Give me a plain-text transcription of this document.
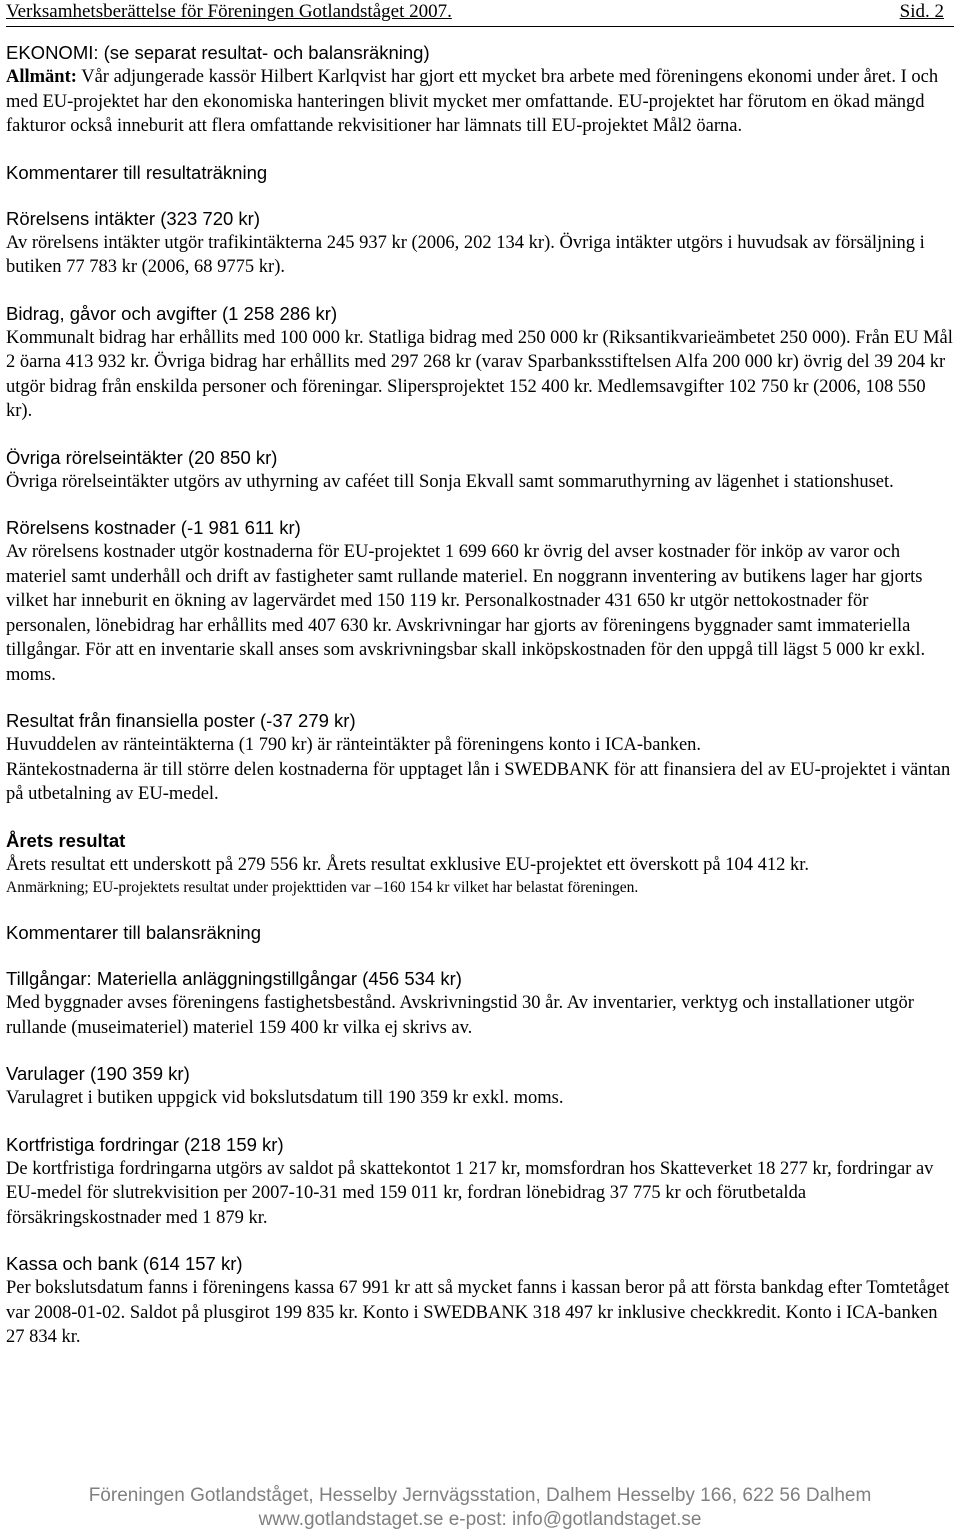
Verksamhetsberättelse för Föreningen Gotlandståget 2007.	Sid. 2

EKONOMI: (se separat resultat- och balansräkning)

Allmänt: Vår adjungerade kassör Hilbert Karlqvist har gjort ett mycket bra arbete med föreningens ekonomi under året. I och med EU-projektet har den ekonomiska hanteringen blivit mycket mer omfattande. EU-projektet har förutom en ökad mängd fakturor också inneburit att flera omfattande rekvisitioner har lämnats till EU-projektet Mål2 öarna.

Kommentarer till resultaträkning

Rörelsens intäkter (323 720 kr)

Av rörelsens intäkter utgör trafikintäkterna 245 937 kr (2006, 202 134 kr). Övriga intäkter utgörs i huvudsak av försäljning i butiken 77 783 kr (2006, 68 9775 kr).

Bidrag, gåvor och avgifter (1 258 286 kr)

Kommunalt bidrag har erhållits med 100 000 kr. Statliga bidrag med 250 000 kr (Riksantikvarieämbetet 250 000). Från EU Mål 2 öarna 413 932 kr. Övriga bidrag har erhållits med 297 268 kr (varav Sparbanksstiftelsen Alfa 200 000 kr) övrig del 39 204 kr utgör bidrag från enskilda personer och föreningar. Slipersprojektet 152 400 kr. Medlemsavgifter 102 750 kr (2006, 108 550 kr).

Övriga rörelseintäkter (20 850 kr)

Övriga rörelseintäkter utgörs av uthyrning av caféet till Sonja Ekvall samt sommaruthyrning av lägenhet i stationshuset.

Rörelsens kostnader (-1 981 611 kr)

Av rörelsens kostnader utgör kostnaderna för EU-projektet 1 699 660 kr övrig del avser kostnader för inköp av varor och materiel samt underhåll och drift av fastigheter samt rullande materiel. En noggrann inventering av butikens lager har gjorts vilket har inneburit en ökning av lagervärdet med 150 119 kr. Personalkostnader 431 650 kr utgör nettokostnader för personalen, lönebidrag har erhållits med 407 630 kr. Avskrivningar har gjorts av föreningens byggnader samt immateriella tillgångar. För att en inventarie skall anses som avskrivningsbar skall inköpskostnaden för den uppgå till lägst 5 000 kr exkl. moms.

Resultat från finansiella poster (-37 279 kr)

Huvuddelen av ränteintäkterna (1 790 kr) är ränteintäkter på föreningens konto i ICA-banken.

Räntekostnaderna är till större delen kostnaderna för upptaget lån i SWEDBANK för att finansiera del av EU-projektet i väntan på utbetalning av EU-medel.

Årets resultat

Årets resultat ett underskott på 279 556 kr. Årets resultat exklusive EU-projektet ett överskott på 104 412 kr.

Anmärkning; EU-projektets resultat under projekttiden var –160 154 kr vilket har belastat föreningen.

Kommentarer till balansräkning

Tillgångar: Materiella anläggningstillgångar (456 534 kr)

Med byggnader avses föreningens fastighetsbestånd. Avskrivningstid 30 år. Av inventarier, verktyg och installationer utgör rullande (museimateriel) materiel 159 400 kr vilka ej skrivs av.

Varulager (190 359 kr)

Varulagret i butiken uppgick vid bokslutsdatum till 190 359 kr exkl. moms.

Kortfristiga fordringar (218 159 kr)

De kortfristiga fordringarna utgörs av saldot på skattekontot 1 217 kr, momsfordran hos Skatteverket 18 277 kr, fordringar av EU-medel för slutrekvisition per 2007-10-31 med 159 011 kr, fordran lönebidrag 37 775 kr och förutbetalda försäkringskostnader med 1 879 kr.

Kassa och bank (614 157 kr)

Per bokslutsdatum fanns i föreningens kassa 67 991 kr att så mycket fanns i kassan beror på att första bankdag efter Tomtetåget var 2008-01-02. Saldot på plusgirot 199 835 kr. Konto i SWEDBANK 318 497 kr inklusive checkkredit. Konto i ICA-banken 27 834 kr.

Föreningen Gotlandståget, Hesselby Jernvägsstation, Dalhem Hesselby 166, 622 56 Dalhem
www.gotlandstaget.se e-post: info@gotlandstaget.se
